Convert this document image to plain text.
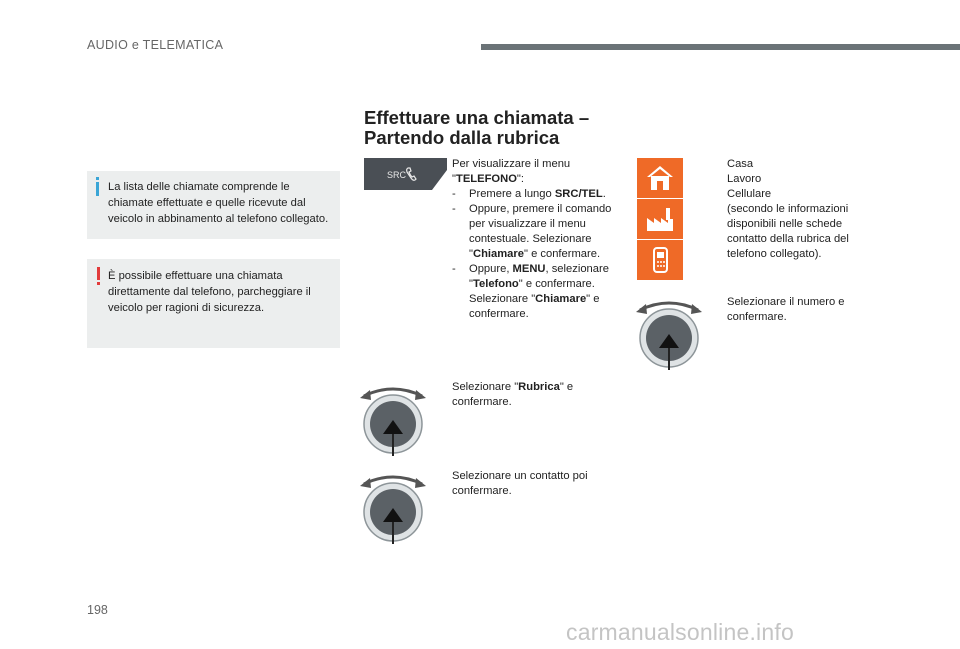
AUDIO e TELEMATICA
Effettuare una chiamata –
Partendo dalla rubrica
La lista delle chiamate comprende le chiamate effettuate e quelle ricevute dal veicolo in abbinamento al telefono collegato.
È possibile effettuare una chiamata direttamente dal telefono, parcheggiare il veicolo per ragioni di sicurezza.
SRC
Per visualizzare il menu "TELEFONO":
-	Premere a lungo SRC/TEL.
-	Oppure, premere il comando per visualizzare il menu contestuale. Selezionare "Chiamare" e confermare.
-	Oppure, MENU, selezionare "Telefono" e confermare. Selezionare "Chiamare" e confermare.
Selezionare "Rubrica" e confermare.
Selezionare un contatto poi confermare.
Casa
Lavoro
Cellulare
(secondo le informazioni disponibili nelle schede contatto della rubrica del telefono collegato).
Selezionare il numero e confermare.
198
carmanualsonline.info
